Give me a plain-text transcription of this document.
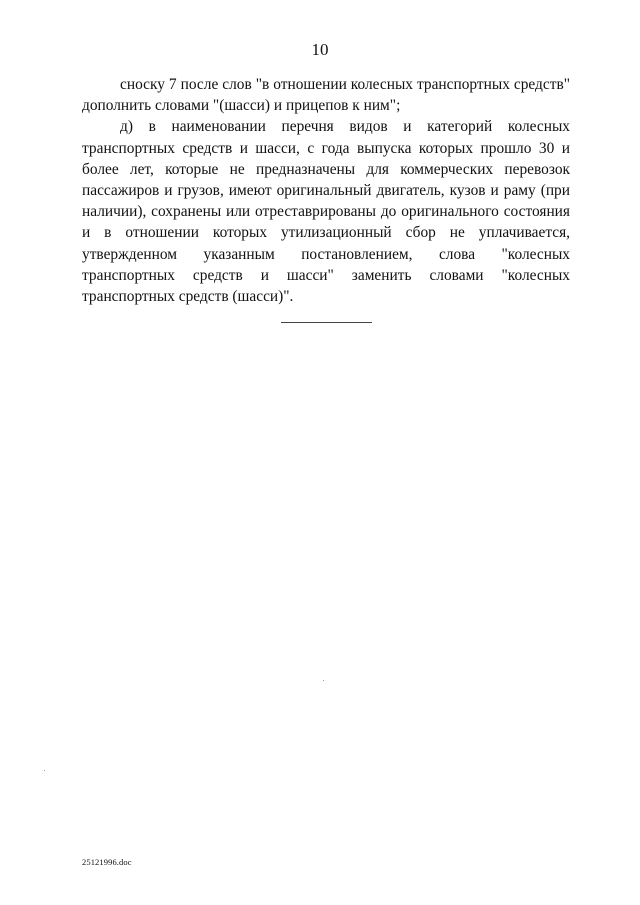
10

сноску 7 после слов "в отношении колесных транспортных средств" дополнить словами "(шасси) и прицепов к ним";

д) в наименовании перечня видов и категорий колесных транспортных средств и шасси, с года выпуска которых прошло 30 и более лет, которые не предназначены для коммерческих перевозок пассажиров и грузов, имеют оригинальный двигатель, кузов и раму (при наличии), сохранены или отреставрированы до оригинального состояния и в отношении которых утилизационный сбор не уплачивается, утвержденном указанным постановлением, слова "колесных транспортных средств и шасси" заменить словами "колесных транспортных средств (шасси)".

25121996.doc
